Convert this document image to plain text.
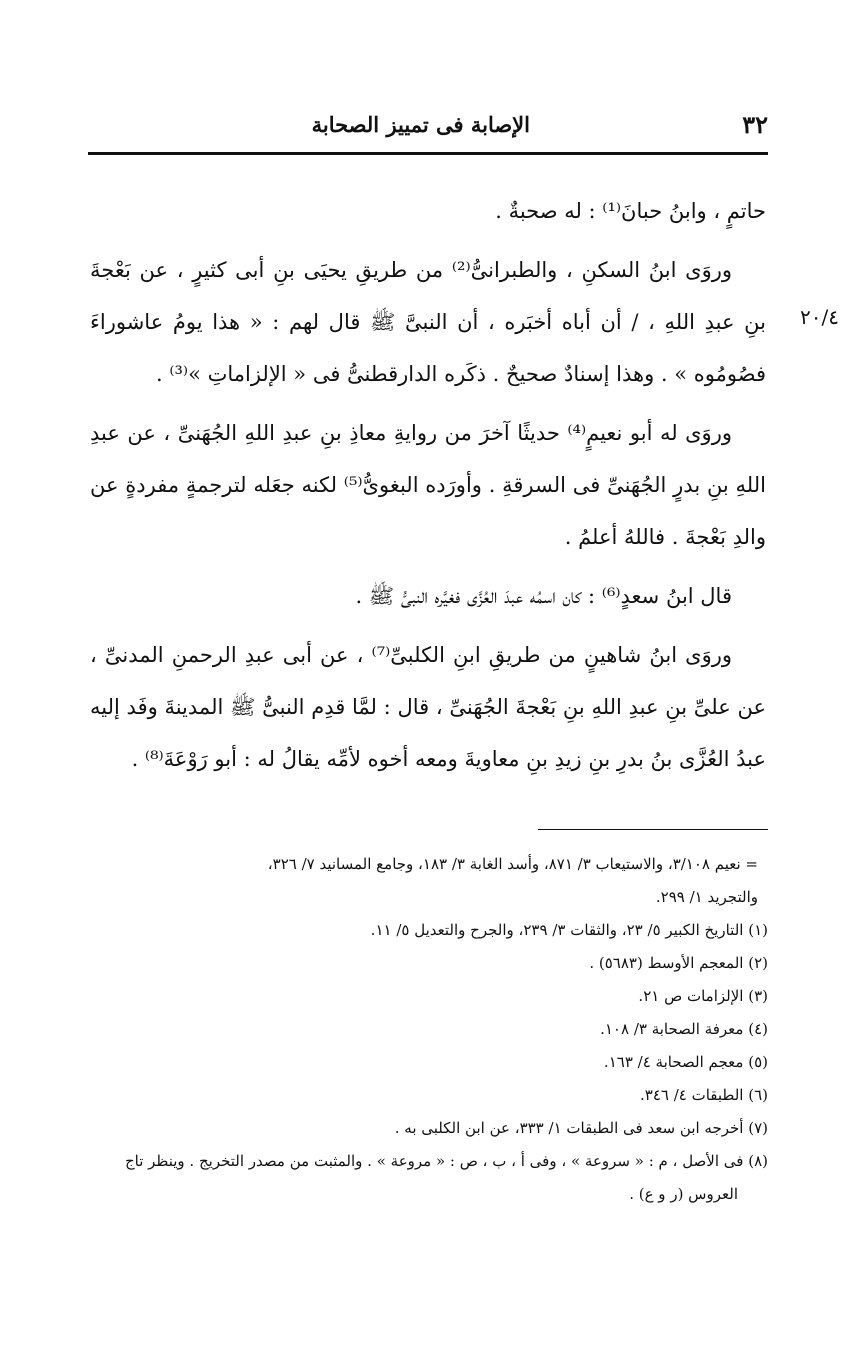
٣٢
الإصابة فى تمييز الصحابة
٢٠/٤

حاتمٍ ، وابنُ حبانَ⁽¹⁾ : له صحبةٌ .

وروَى ابنُ السكنِ ، والطبرانىُّ⁽²⁾ من طريقِ يحيَى بنِ أبى كثيرٍ ، عن بَعْجةَ بنِ عبدِ اللهِ ، / أن أباه أخبَره ، أن النبىَّ ﷺ قال لهم : « هذا يومُ عاشوراءَ فصُومُوه » . وهذا إسنادٌ صحيحٌ . ذكَره الدارقطنىُّ فى « الإلزاماتِ »⁽³⁾ .

وروَى له أبو نعيمٍ⁽⁴⁾ حديثًا آخرَ من روايةِ معاذِ بنِ عبدِ اللهِ الجُهَنىِّ ، عن عبدِ اللهِ بنِ بدرٍ الجُهَنىِّ فى السرقةِ . وأورَده البغوىُّ⁽⁵⁾ لكنه جعَله لترجمةٍ مفردةٍ عن والدِ بَعْجةَ . فاللهُ أعلمُ .

قال ابنُ سعدٍ⁽⁶⁾ : كان اسمُه عبدَ العُزَّى فغيَّره النبىُّ ﷺ .

وروَى ابنُ شاهينٍ من طريقِ ابنِ الكلبىِّ⁽⁷⁾ ، عن أبى عبدِ الرحمنِ المدنىِّ ، عن علىِّ بنِ عبدِ اللهِ بنِ بَعْجةَ الجُهَنىِّ ، قال : لمَّا قدِم النبىُّ ﷺ المدينةَ وفَد إليه عبدُ العُزَّى بنُ بدرِ بنِ زيدِ بنِ معاويةَ ومعه أخوه لأمِّه يقالُ له : أبو رَوْعَةَ⁽⁸⁾ .

= نعيم ٣/١٠٨، والاستيعاب ٣/ ٨٧١، وأسد الغابة ٣/ ١٨٣، وجامع المسانيد ٧/ ٣٢٦،

والتجريد ١/ ٢٩٩.

(١) التاريخ الكبير ٥/ ٢٣، والثقات ٣/ ٢٣٩، والجرح والتعديل ٥/ ١١.

(٢) المعجم الأوسط (٥٦٨٣) .

(٣) الإلزامات ص ٢١.

(٤) معرفة الصحابة ٣/ ١٠٨.

(٥) معجم الصحابة ٤/ ١٦٣.

(٦) الطبقات ٤/ ٣٤٦.

(٧) أخرجه ابن سعد فى الطبقات ١/ ٣٣٣، عن ابن الكلبى به .

(٨) فى الأصل ، م : « سروعة » ، وفى أ ، ب ، ص : « مروعة » . والمثبت من مصدر التخريج . وينظر تاج العروس (ر و ع) .
